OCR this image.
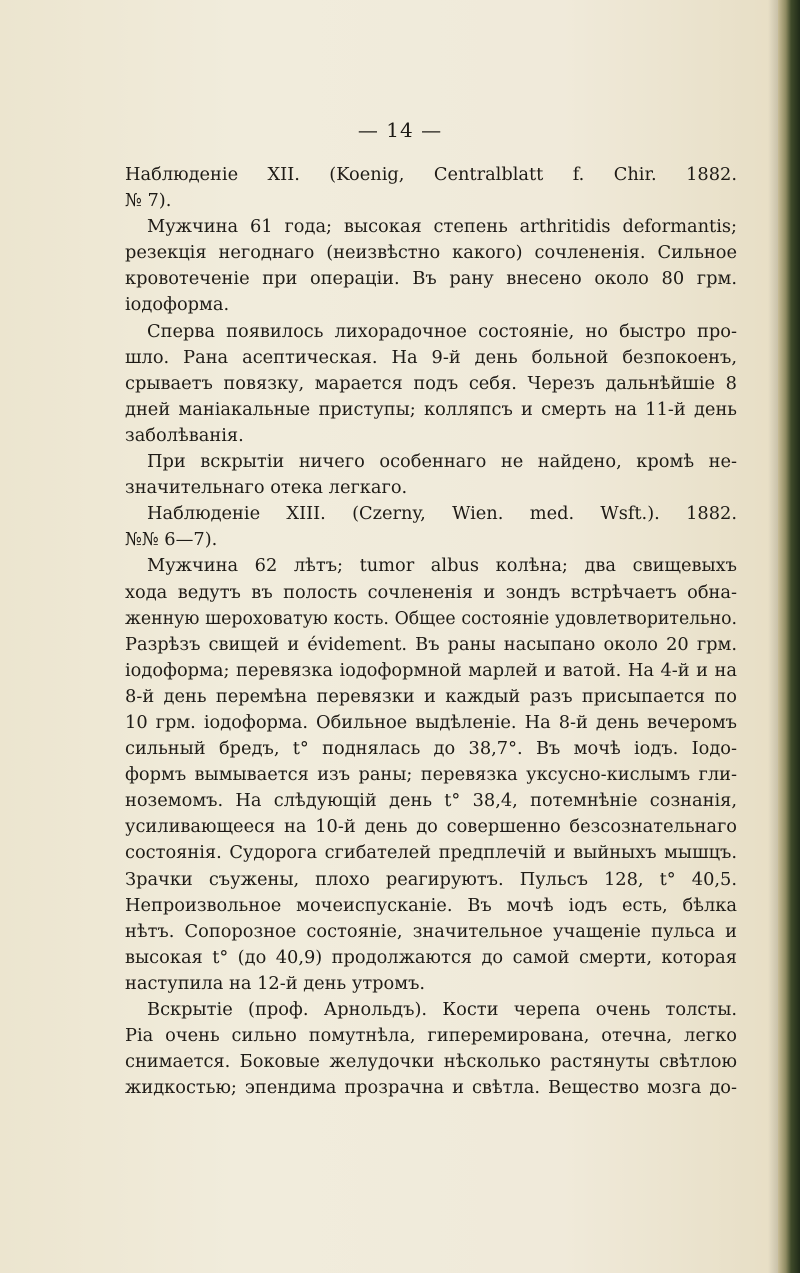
— 14 —
Наблюденіе XII. (Koenig, Centralblatt f. Chir. 1882.
№ 7).
Мужчина 61 года; высокая степень arthritidis deformantis;
резекція негоднаго (неизвѣстно какого) сочлененія. Сильное
кровотеченіе при операціи. Въ рану внесено около 80 грм.
іодоформа.
Сперва появилось лихорадочное состояніе, но быстро про-
шло. Рана асептическая. На 9-й день больной безпокоенъ,
срываетъ повязку, марается подъ себя. Черезъ дальнѣйшіе 8
дней маніакальные приступы; колляпсъ и смерть на 11-й день
заболѣванія.
При вскрытіи ничего особеннаго не найдено, кромѣ не-
значительнаго отека легкаго.
Наблюденіе XIII. (Czerny, Wien. med. Wsft.). 1882.
№№ 6—7).
Мужчина 62 лѣтъ; tumor albus колѣна; два свищевыхъ
хода ведутъ въ полость сочлененія и зондъ встрѣчаетъ обна-
женную шероховатую кость. Общее состояніе удовлетворительно.
Разрѣзъ свищей и évidement. Въ раны насыпано около 20 грм.
іодоформа; перевязка іодоформной марлей и ватой. На 4-й и на
8-й день перемѣна перевязки и каждый разъ присыпается по
10 грм. іодоформа. Обильное выдѣленіе. На 8-й день вечеромъ
сильный бредъ, t° поднялась до 38,7°. Въ мочѣ іодъ. Іодо-
формъ вымывается изъ раны; перевязка уксусно-кислымъ гли-
ноземомъ. На слѣдующій день t° 38,4, потемнѣніе сознанія,
усиливающееся на 10-й день до совершенно безсознательнаго
состоянія. Судорога сгибателей предплечій и выйныхъ мышцъ.
Зрачки съужены, плохо реагируютъ. Пульсъ 128, t° 40,5.
Непроизвольное мочеиспусканіе. Въ мочѣ іодъ есть, бѣлка
нѣтъ. Сопорозное состояніе, значительное учащеніе пульса и
высокая t° (до 40,9) продолжаются до самой смерти, которая
наступила на 12-й день утромъ.
Вскрытіе (проф. Арнольдъ). Кости черепа очень толсты.
Pia очень сильно помутнѣла, гиперемирована, отечна, легко
снимается. Боковые желудочки нѣсколько растянуты свѣтлою
жидкостью; эпендима прозрачна и свѣтла. Вещество мозга до-
